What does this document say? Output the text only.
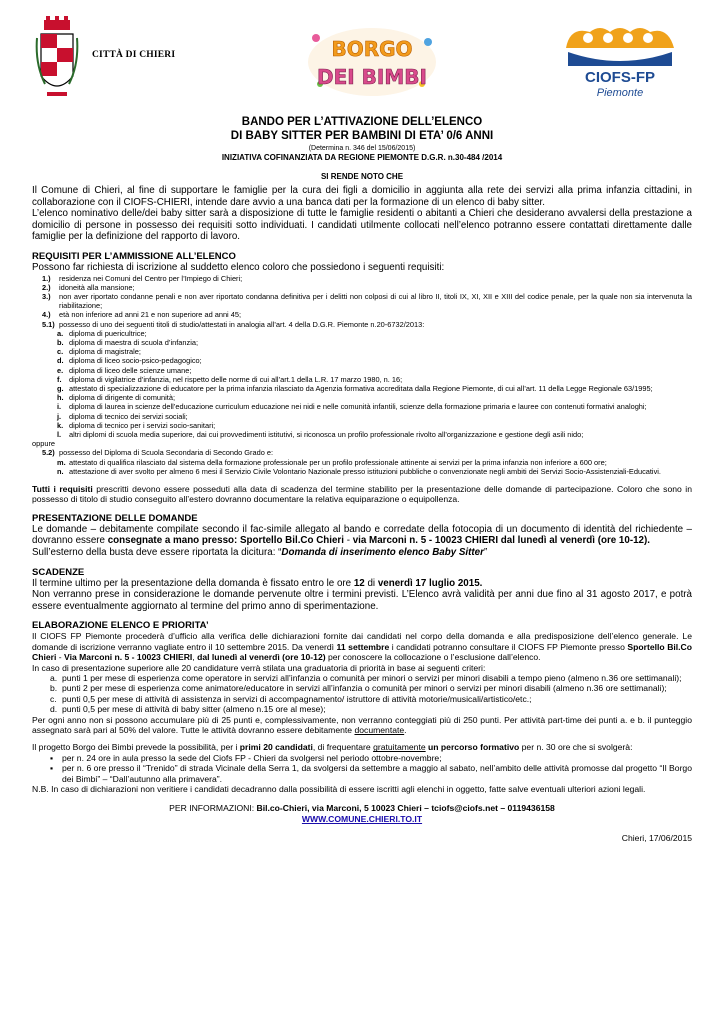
CITTÀ DI CHIERI	BORGO
DEI BIMBI	CIOFS-FP
Piemonte
BANDO PER L’ATTIVAZIONE DELL’ELENCO
DI BABY SITTER PER BAMBINI DI ETA’ 0/6 ANNI
(Determina n. 346 del 15/06/2015)
INIZIATIVA COFINANZIATA DA REGIONE PIEMONTE D.G.R. n.30-484 /2014
SI RENDE NOTO CHE

Il Comune di Chieri, al fine di supportare le famiglie per la cura dei figli a domicilio in aggiunta alla rete dei servizi alla prima infanzia cittadini, in collaborazione con il CIOFS-CHIERI, intende dare avvio a una banca dati per la formazione di un elenco di baby sitter.

L’elenco nominativo delle/dei baby sitter sarà a disposizione di tutte le famiglie residenti o abitanti a Chieri che desiderano avvalersi della prestazione a domicilio di persone in possesso dei requisiti sotto individuati. I candidati utilmente collocati nell’elenco potranno essere contattati direttamente dalle famiglie per la definizione del rapporto di lavoro.

REQUISITI PER L’AMMISSIONE ALL’ELENCO

Possono far richiesta di iscrizione al suddetto elenco coloro che possiedono i seguenti requisiti:

1.)	residenza nei Comuni del Centro per l’Impiego di Chieri;
2.)	idoneità alla mansione;
3.)	non aver riportato condanne penali e non aver riportato condanna definitiva per i delitti non colposi di cui al libro II, titoli IX, XI, XII e XIII del codice penale, per la quale non sia intervenuta la riabilitazione;
4.)	età non inferiore ad anni 21 e non superiore ad anni 45;
5.1) possesso di uno dei seguenti titoli di studio/attestati in analogia all’art. 4 della D.G.R. Piemonte n.20-6732/2013:
a. diploma di puericultrice;
b. diploma di maestra di scuola d’infanzia;
c. diploma di magistrale;
d. diploma di liceo socio-psico-pedagogico;
e. diploma di liceo delle scienze umane;
f.	diploma di vigilatrice d’infanzia, nel rispetto delle norme di cui all’art.1 della L.R. 17 marzo 1980, n. 16;
g. attestato di specializzazione di educatore per la prima infanzia rilasciato da Agenzia formativa accreditata dalla Regione Piemonte, di cui all’art. 11 della Legge Regionale 63/1995;
h. diploma di dirigente di comunità;
i.	diploma di laurea in scienze dell’educazione curriculum educazione nei nidi e nelle comunità infantili, scienze della formazione primaria e lauree con contenuti formativi analoghi;
j.	diploma di tecnico dei servizi sociali;
k. diploma di tecnico per i servizi socio-sanitari;
l.	altri diplomi di scuola media superiore, dai cui provvedimenti istitutivi, si riconosca un profilo professionale rivolto all’organizzazione e gestione degli asili nido;
oppure
5.2) possesso del Diploma di Scuola Secondaria di Secondo Grado e:
m. attestato di qualifica rilasciato dal sistema della formazione professionale per un profilo professionale attinente ai servizi per la prima infanzia non inferiore a 600 ore;
n. attestazione di aver svolto per almeno 6 mesi il Servizio Civile Volontario Nazionale presso istituzioni pubbliche o convenzionate negli ambiti dei Servizi Socio-Assistenziali-Educativi.

Tutti i requisiti prescritti devono essere posseduti alla data di scadenza del termine stabilito per la presentazione delle domande di partecipazione. Coloro che sono in possesso di titolo di studio conseguito all’estero dovranno documentare la relativa equiparazione o equipollenza.

PRESENTAZIONE DELLE DOMANDE

Le domande – debitamente compilate secondo il fac-simile allegato al bando e corredate della fotocopia di un documento di identità del richiedente – dovranno essere consegnate a mano presso: Sportello Bil.Co Chieri - via Marconi n. 5 - 10023 CHIERI dal lunedì al venerdì (ore 10-12).

Sull’esterno della busta deve essere riportata la dicitura: “Domanda di inserimento elenco Baby Sitter”

SCADENZE

Il termine ultimo per la presentazione della domanda è fissato entro le ore 12 di venerdì 17 luglio 2015.

Non verranno prese in considerazione le domande pervenute oltre i termini previsti. L’Elenco avrà validità per anni due fino al 31 agosto 2017, e potrà essere eventualmente aggiornato al termine del primo anno di sperimentazione.

ELABORAZIONE ELENCO E PRIORITA’

Il CIOFS FP Piemonte procederà d’ufficio alla verifica delle dichiarazioni fornite dai candidati nel corpo della domanda e alla predisposizione dell’elenco generale. Le domande di iscrizione verranno vagliate entro il 10 settembre 2015. Da venerdì 11 settembre i candidati potranno consultare il CIOFS FP Piemonte presso Sportello Bil.Co Chieri - Via Marconi n. 5 - 10023 CHIERI, dal lunedì al venerdì (ore 10-12) per conoscere la collocazione o l’esclusione dall’elenco.

In caso di presentazione superiore alle 20 candidature verrà stilata una graduatoria di priorità in base ai seguenti criteri:

a. punti 1 per mese di esperienza come operatore in servizi all’infanzia o comunità per minori o servizi per minori disabili a tempo pieno (almeno n.36 ore settimanali);
b. punti 2 per mese di esperienza come animatore/educatore in servizi all’infanzia o comunità per minori o servizi per minori disabili (almeno n.36 ore settimanali);
c. punti 0,5 per mese di attività di assistenza in servizi di accompagnamento/ istruttore di attività motorie/musicali/artistico/etc.;
d. punti 0,5 per mese di attività di baby sitter (almeno n.15 ore al mese);

Per ogni anno non si possono accumulare più di 25 punti e, complessivamente, non verranno conteggiati più di 250 punti. Per attività part-time dei punti a. e b. il punteggio assegnato sarà pari al 50% del valore. Tutte le attività dovranno essere debitamente documentate.

Il progetto Borgo dei Bimbi prevede la possibilità, per i primi 20 candidati, di frequentare gratuitamente un percorso formativo per n. 30 ore che si svolgerà:

▪	per n. 24 ore in aula presso la sede del Ciofs FP - Chieri da svolgersi nel periodo ottobre-novembre;
▪	per n. 6 ore presso il “Trenido” di strada Vicinale della Serra 1, da svolgersi da settembre a maggio al sabato, nell’ambito delle attività promosse dal progetto “Il Borgo dei Bimbi” – “Dall’autunno alla primavera”.

N.B. In caso di dichiarazioni non veritiere i candidati decadranno dalla possibilità di essere iscritti agli elenchi in oggetto, fatte salve eventuali ulteriori azioni legali.

PER INFORMAZIONI: Bil.co-Chieri, via Marconi, 5 10023 Chieri – tciofs@ciofs.net – 0119436158
WWW.COMUNE.CHIERI.TO.IT
Chieri, 17/06/2015
